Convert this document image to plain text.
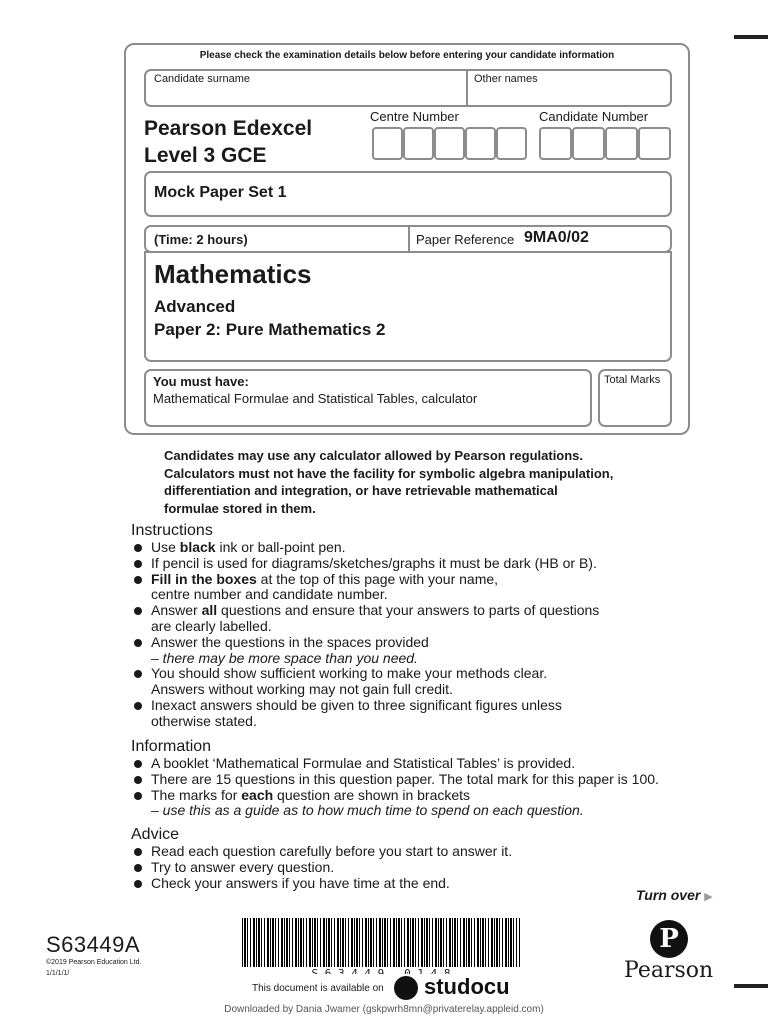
Please check the examination details below before entering your candidate information
Candidate surname	Other names
Pearson Edexcel
Level 3 GCE
Centre Number	Candidate Number
Mock Paper Set 1
(Time: 2 hours)	Paper Reference 9MA0/02
Mathematics
Advanced
Paper 2: Pure Mathematics 2
You must have:
Mathematical Formulae and Statistical Tables, calculator
Total Marks
Candidates may use any calculator allowed by Pearson regulations.
Calculators must not have the facility for symbolic algebra manipulation,
differentiation and integration, or have retrievable mathematical
formulae stored in them.
Instructions
Use black ink or ball-point pen.
If pencil is used for diagrams/sketches/graphs it must be dark (HB or B).
Fill in the boxes at the top of this page with your name,
centre number and candidate number.
Answer all questions and ensure that your answers to parts of questions
are clearly labelled.
Answer the questions in the spaces provided
– there may be more space than you need.
You should show sufficient working to make your methods clear.
Answers without working may not gain full credit.
Inexact answers should be given to three significant figures unless
otherwise stated.
Information
A booklet ‘Mathematical Formulae and Statistical Tables’ is provided.
There are 15 questions in this question paper. The total mark for this paper is 100.
The marks for each question are shown in brackets
– use this as a guide as to how much time to spend on each question.
Advice
Read each question carefully before you start to answer it.
Try to answer every question.
Check your answers if you have time at the end.
Turn over ▶
S63449A
©2019 Pearson Education Ltd.
1/1/1/1/
This document is available on studocu
P
Pearson
Downloaded by Dania Jwamer (gskpwrh8mn@privaterelay.appleid.com)
